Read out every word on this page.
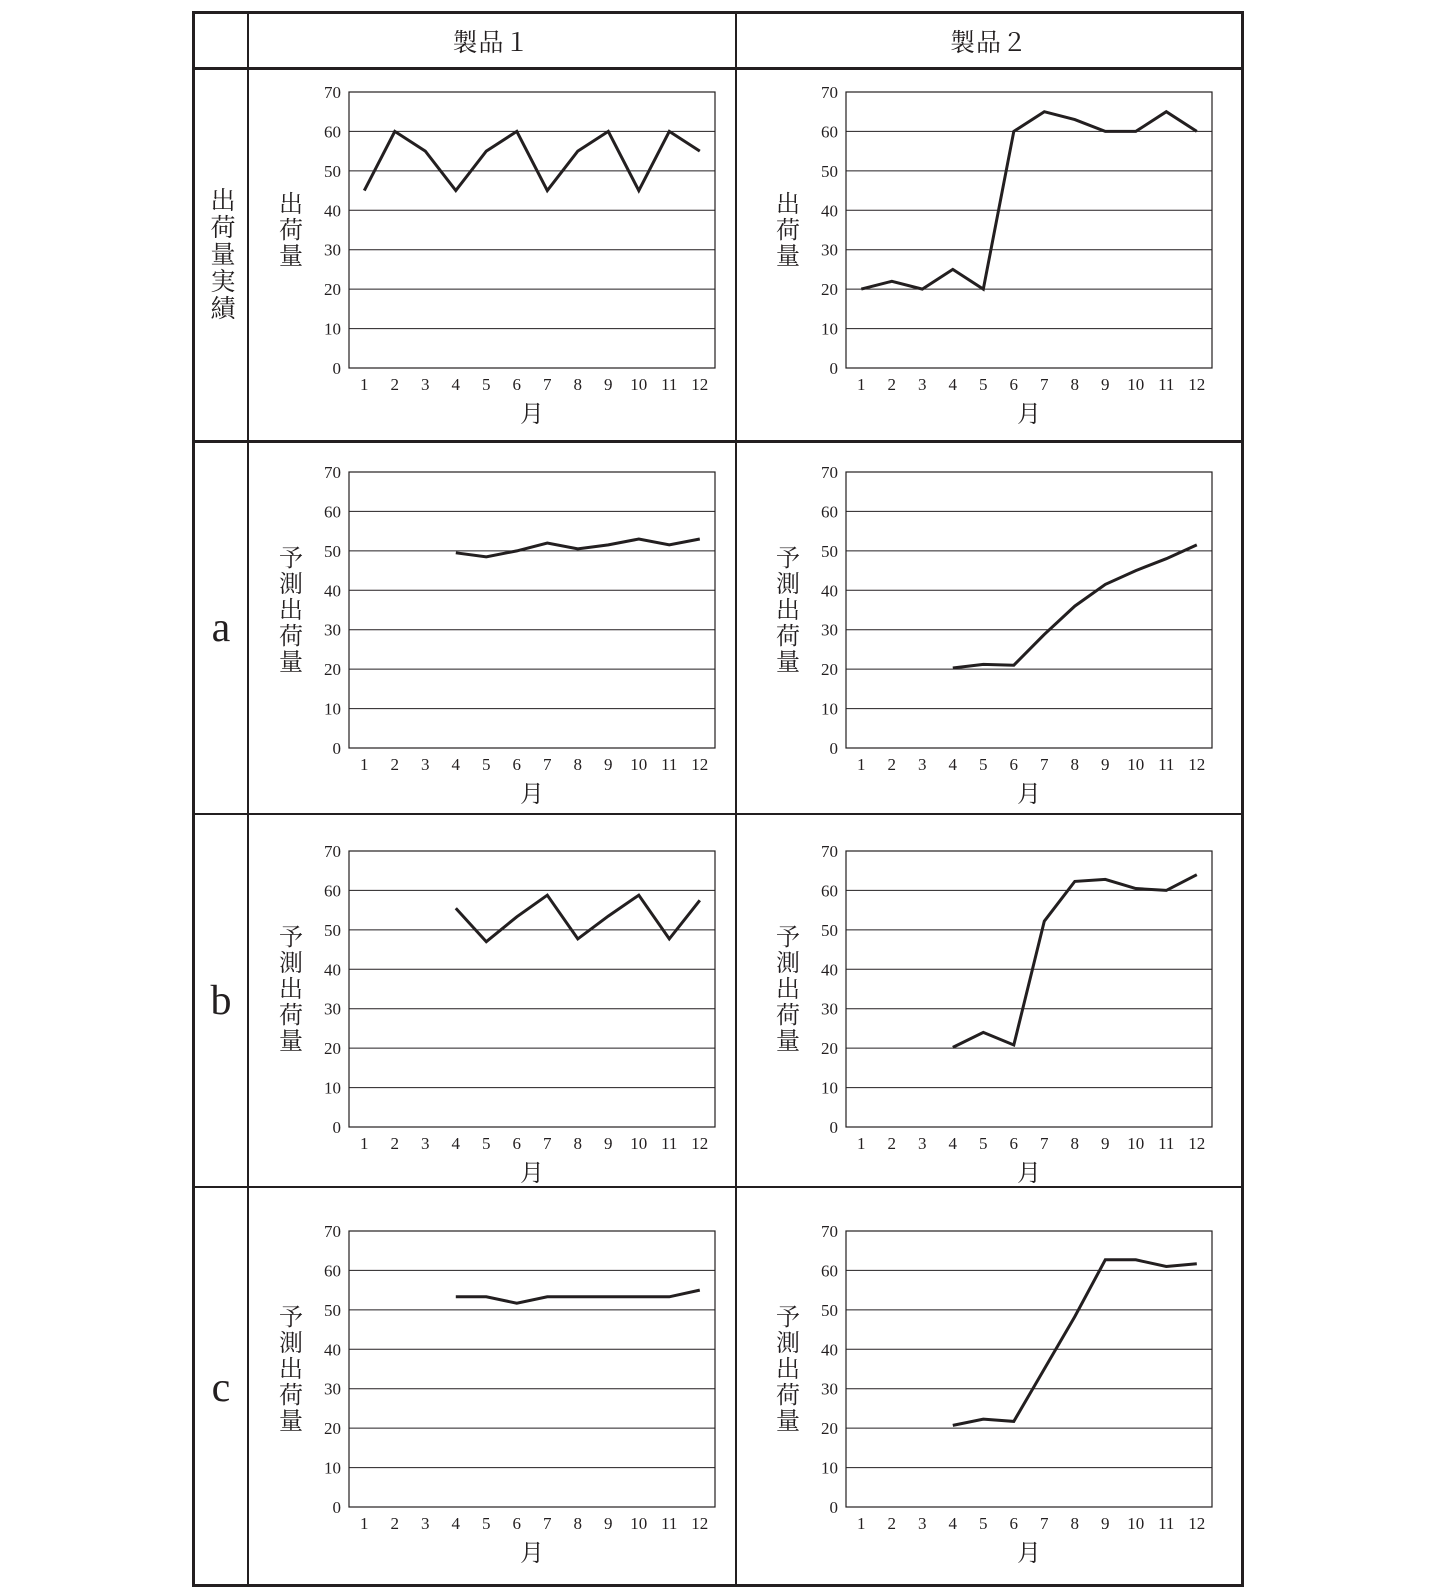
製品１	製品２
出荷量実績
a
b
c
0
10
20
30
40
50
60
70
1 2 3 4 5 6 7 8 9 10 11 12
月
出荷量
0
10
20
30
40
50
60
70
1 2 3 4 5 6 7 8 9 10 11 12
月
出荷量
0
10
20
30
40
50
60
70
1 2 3 4 5 6 7 8 9 10 11 12
月
予測出荷量
0
10
20
30
40
50
60
70
1 2 3 4 5 6 7 8 9 10 11 12
月
予測出荷量
0
10
20
30
40
50
60
70
1 2 3 4 5 6 7 8 9 10 11 12
月
予測出荷量
0
10
20
30
40
50
60
70
1 2 3 4 5 6 7 8 9 10 11 12
月
予測出荷量
0
10
20
30
40
50
60
70
1 2 3 4 5 6 7 8 9 10 11 12
月
予測出荷量
0
10
20
30
40
50
60
70
1 2 3 4 5 6 7 8 9 10 11 12
月
予測出荷量
